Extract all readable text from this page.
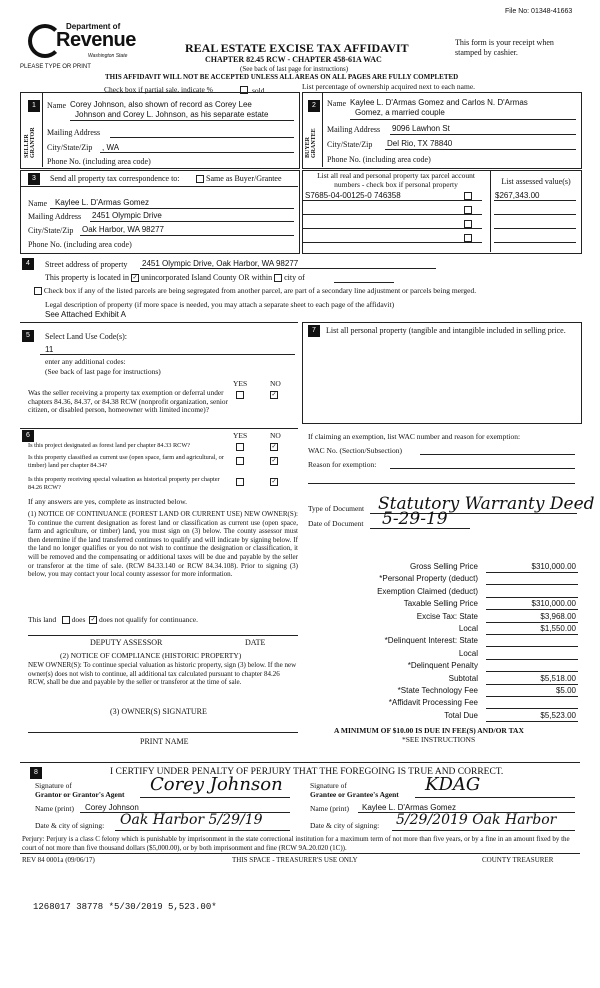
File No: 01348-41663
Department of
Revenue
Washington State
PLEASE TYPE OR PRINT
REAL ESTATE EXCISE TAX AFFIDAVIT
CHAPTER 82.45 RCW - CHAPTER 458-61A WAC
This form is your receipt when stamped by cashier.
(See back of last page for instructions)
THIS AFFIDAVIT WILL NOT BE ACCEPTED UNLESS ALL AREAS ON ALL PAGES ARE FULLY COMPLETED
Check box if partial sale, indicate %	sold.	List percentage of ownership acquired next to each name.
1
SELLER GRANTOR
Name Corey Johnson, also shown of record as Corey Lee
Johnson and Corey L. Johnson, as his separate estate
Mailing Address
City/State/Zip , WA
Phone No. (including area code)
2
BUYER GRANTEE
Name Kaylee L. D'Armas Gomez and Carlos N. D'Armas
Gomez, a married couple
Mailing Address 9096 Lawhon St
City/State/Zip Del Rio, TX 78840
Phone No. (including area code)
3	Send all property tax correspondence to:	Same as Buyer/Grantee
Name Kaylee L. D'Armas Gomez
Mailing Address 2451 Olympic Drive
City/State/Zip Oak Harbor, WA 98277
Phone No. (including area code)
List all real and personal property tax parcel account numbers - check box if personal property	List assessed value(s)
S7685-04-00125-0 746358	$267,343.00
4	Street address of property 2451 Olympic Drive, Oak Harbor, WA 98277
This property is located in ✓ unincorporated Island County OR within city of
Check box if any of the listed parcels are being segregated from another parcel, are part of a secondary line adjustment or parcels being merged.
Legal description of property (if more space is needed, you may attach a separate sheet to each page of the affidavit)
See Attached Exhibit A
5	Select Land Use Code(s):
11
enter any additional codes:
(See back of last page for instructions)
YES	NO
Was the seller receiving a property tax exemption or deferral under chapters 84.36, 84.37, or 84.38 RCW (nonprofit organization, senior citizen, or disabled person, homeowner with limited income)?
✓
7	List all personal property (tangible and intangible included in selling price.
6	YES	NO
Is this project designated as forest land per chapter 84.33 RCW?	✓
Is this property classified as current use (open space, farm and agricultural, or timber) land per chapter 84.34?
✓
Is this property receiving special valuation as historical property per chapter 84.26 RCW?
✓
If any answers are yes, complete as instructed below.
(1) NOTICE OF CONTINUANCE (FOREST LAND OR CURRENT USE) NEW OWNER(S): To continue the current designation as forest land or classification as current use (open space, farm and agriculture, or timber) land, you must sign on (3) below. The county assessor must then determine if the land transferred continues to qualify and will indicate by signing below. If the land no longer qualifies or you do not wish to continue the designation or classification, it will be removed and the compensating or additional taxes will be due and payable by the seller or transferor at the time of sale. (RCW 84.33.140 or RCW 84.34.108). Prior to signing (3) below, you may contact your local county assessor for more information.
This land does ✓ does not qualify for continuance.
DEPUTY ASSESSOR	DATE
(2) NOTICE OF COMPLIANCE (HISTORIC PROPERTY)
NEW OWNER(S): To continue special valuation as historic property, sign (3) below. If the new owner(s) does not wish to continue, all additional tax calculated pursuant to chapter 84.26 RCW, shall be due and payable by the seller or transferor at the time of sale.
(3) OWNER(S) SIGNATURE
PRINT NAME
If claiming an exemption, list WAC number and reason for exemption:
WAC No. (Section/Subsection)
Reason for exemption:
Type of Document Statutory Warranty Deed
Date of Document 5-29-19
Gross Selling Price	$310,000.00
*Personal Property (deduct)
Exemption Claimed (deduct)
Taxable Selling Price	$310,000.00
Excise Tax: State	$3,968.00
Local	$1,550.00
*Delinquent Interest: State
Local
*Delinquent Penalty
Subtotal	$5,518.00
*State Technology Fee	$5.00
*Affidavit Processing Fee
Total Due	$5,523.00
A MINIMUM OF $10.00 IS DUE IN FEE(S) AND/OR TAX
*SEE INSTRUCTIONS
8	I CERTIFY UNDER PENALTY OF PERJURY THAT THE FOREGOING IS TRUE AND CORRECT.
Signature of
Grantor or Grantor's Agent Corey Johnson
Name (print) Corey Johnson
Date & city of signing: Oak Harbor 5/29/19
Signature of
Grantee or Grantee's Agent KDAG
Name (print) Kaylee L. D'Armas Gomez
Date & city of signing: 5/29/2019 Oak Harbor
Perjury: Perjury is a class C felony which is punishable by imprisonment in the state correctional institution for a maximum term of not more than five years, or by a fine in an amount fixed by the court of not more than five thousand dollars ($5,000.00), or by both imprisonment and fine (RCW 9A.20.020 (1C)).
REV 84 0001a (09/06/17)	THIS SPACE - TREASURER'S USE ONLY	COUNTY TREASURER
1268017 38778 *5/30/2019 5,523.00*
